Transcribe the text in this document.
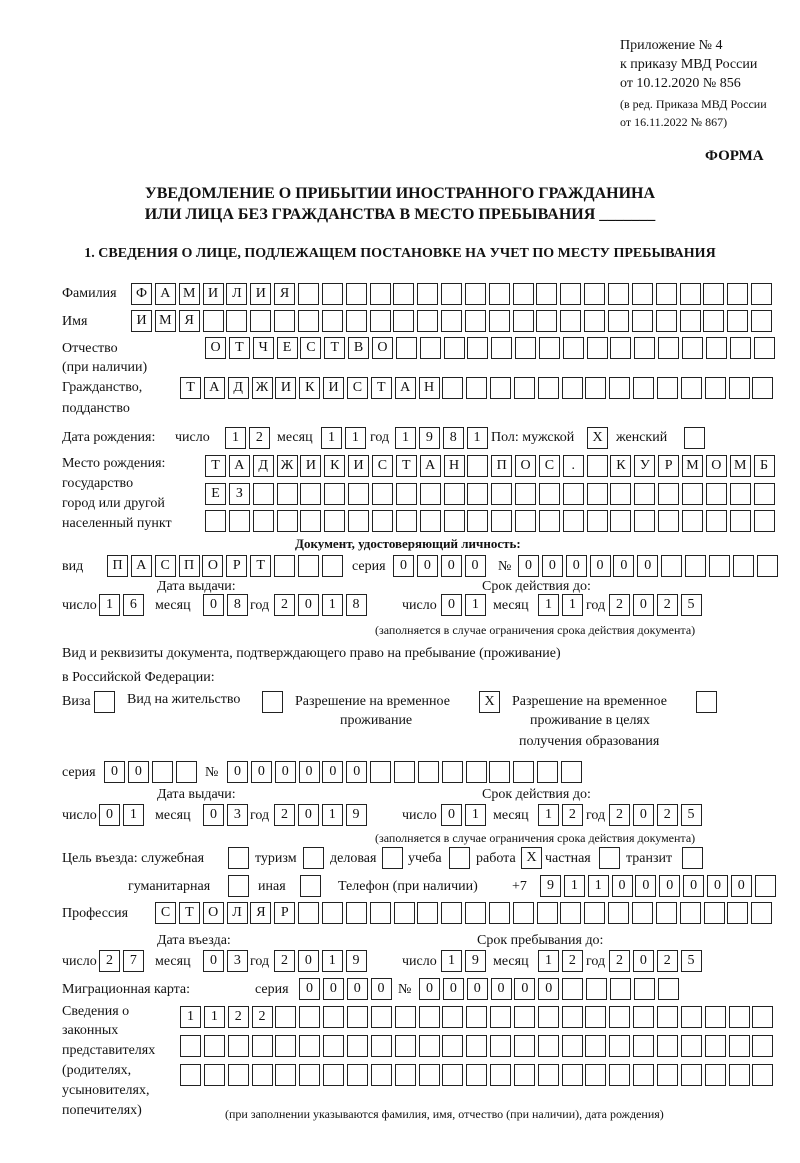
Приложение № 4
к приказу МВД России
от 10.12.2020 № 856
(в ред. Приказа МВД России
от 16.11.2022 № 867)
ФОРМА
УВЕДОМЛЕНИЕ О ПРИБЫТИИ ИНОСТРАННОГО ГРАЖДАНИНА
ИЛИ ЛИЦА БЕЗ ГРАЖДАНСТВА В МЕСТО ПРЕБЫВАНИЯ _______
1. СВЕДЕНИЯ О ЛИЦЕ, ПОДЛЕЖАЩЕМ ПОСТАНОВКЕ НА УЧЕТ ПО МЕСТУ ПРЕБЫВАНИЯ
Фамилия	Ф А М И	Л	И	Я
Имя	И М Я
Отчество
(при наличии)
О	Т	Ч	Е	С	Т	В	О
Гражданство,
подданство
Т	А	Д Ж И	К	И	С	Т	А Н
Дата рождения: число	1	2	месяц	1	1 год 1	9	8	1 Пол: мужской	X женский
Место рождения:
государство
город или другой
населенный пункт
Т	А	Д Ж И	К	И	С	Т	А Н	П О	С	.	К	У	Р М О М Б
Е	З
Документ, удостоверяющий личность:
вид	П А	С	П О	Р	Т	серия	0	0	0	0	№ 0	0	0	0	0	0
Дата выдачи:	Срок действия до:
число 1	6	месяц	0	8 год 2	0	1	8	число 0	1	месяц	1	1 год 2	0	2	5
(заполняется в случае ограничения срока действия документа)
Вид и реквизиты документа, подтверждающего право на пребывание (проживание)
в Российской Федерации:
Виза	Вид на жительство	Разрешение на временное
проживание
X	Разрешение на временное
проживание в целях
получения образования
серия	0	0	№	0	0	0	0	0	0
Дата выдачи:	Срок действия до:
число 0	1	месяц	0	3 год 2	0	1	9	число 0	1	месяц	1	2 год 2	0	2	5
(заполняется в случае ограничения срока действия документа)
Цель въезда: служебная	туризм деловая учеба работа X частная	транзит
гуманитарная	иная	Телефон (при наличии) +7	9	1	1	0	0	0	0	0	0
Профессия	С	Т	О	Л	Я	Р
Дата въезда:	Срок пребывания до:
число 2	7	месяц	0	3 год 2	0	1	9	число 1	9	месяц	1	2 год 2	0	2	5
Миграционная карта:	серия	0	0	0	0 №	0	0	0	0	0	0
Сведения о
законных
представителях
(родителях,
усыновителях,
попечителях)
1	1	2	2
(при заполнении указываются фамилия, имя, отчество (при наличии), дата рождения)
